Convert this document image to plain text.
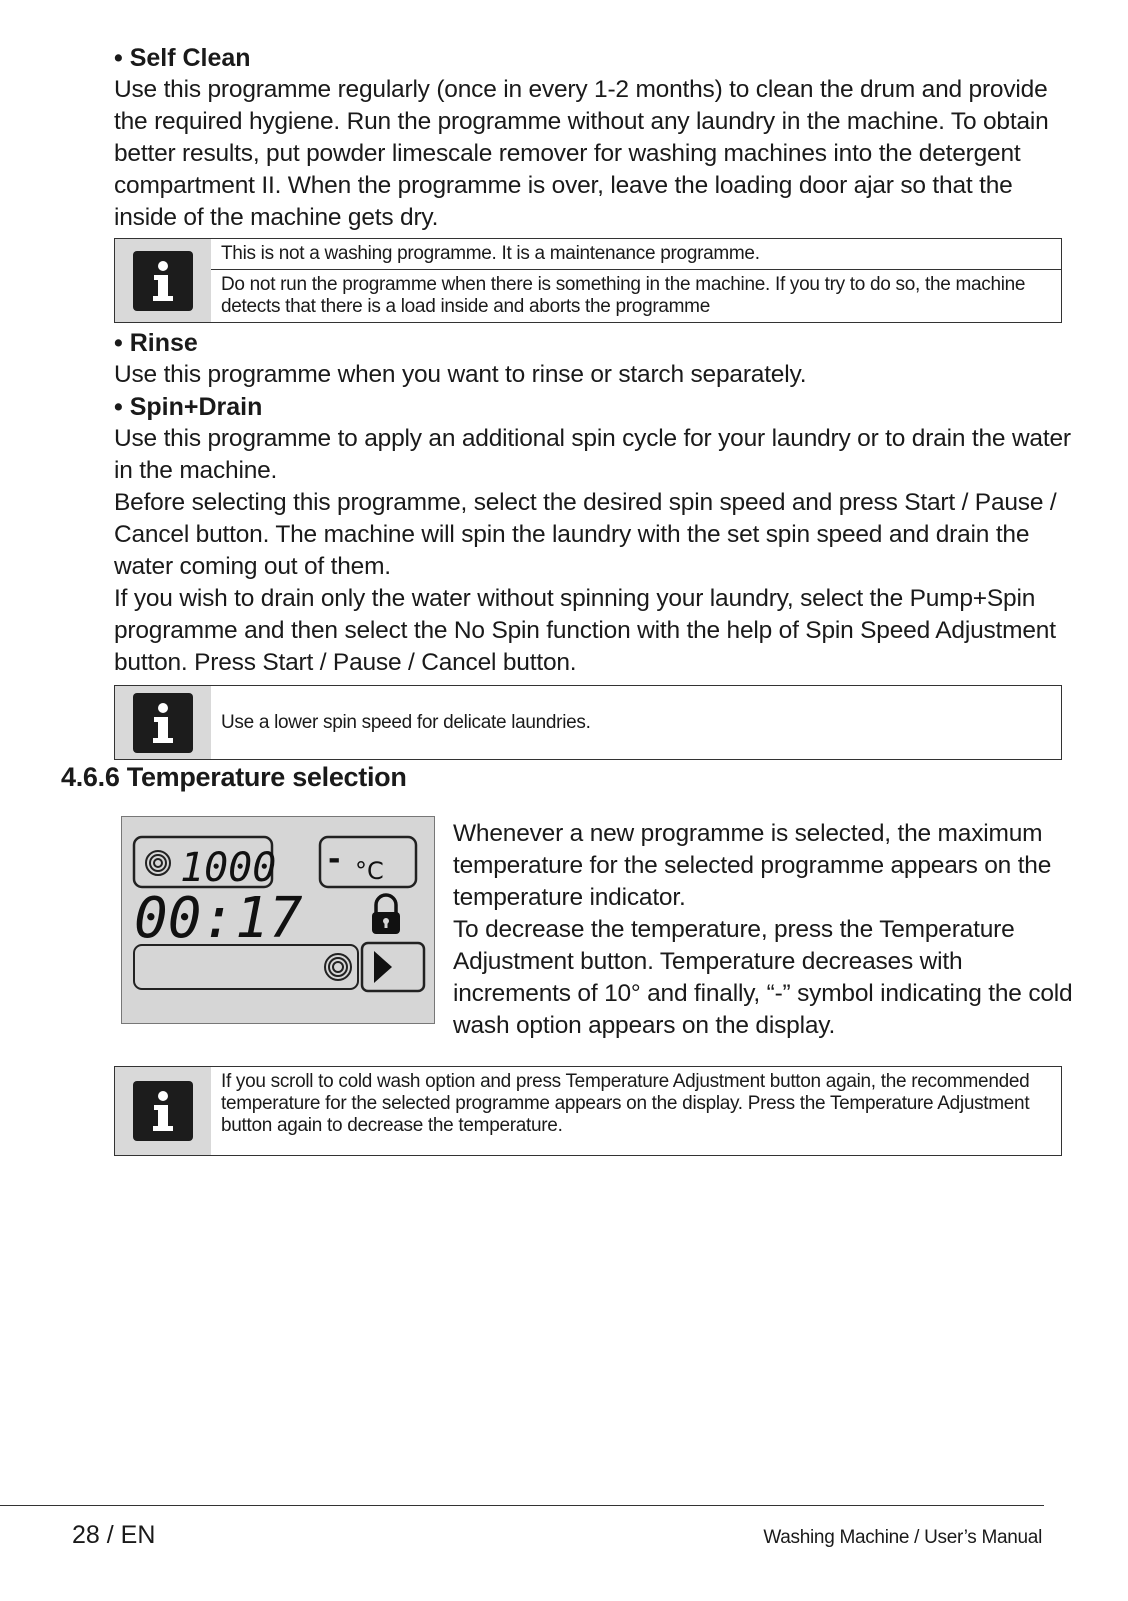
• Self Clean

Use this programme regularly (once in every 1-2 months) to clean the drum and provide the required hygiene. Run the programme without any laundry in the machine. To obtain better results, put powder limescale remover for washing machines into the detergent compartment II. When the programme is over, leave the loading door ajar so that the inside of the machine gets dry.

This is not a washing programme. It is a maintenance programme.
Do not run the programme when there is something in the machine. If you try to do so, the machine detects that there is a load inside and aborts the programme

• Rinse

Use this programme when you want to rinse or starch separately.

• Spin+Drain

Use this programme to apply an additional spin cycle for your laundry or to drain the water in the machine.

Before selecting this programme, select the desired spin speed and press Start / Pause / Cancel button. The machine will spin the laundry with the set spin speed and drain the water coming out of them.

If you wish to drain only the water without spinning your laundry, select the Pump+Spin programme and then select the No Spin function with the help of Spin Speed Adjustment button. Press Start / Pause / Cancel button.

Use a lower spin speed for delicate laundries.
4.6.6 Temperature selection
1000 - °C
00:17

Whenever a new programme is selected, the maximum temperature for the selected programme appears on the temperature indicator.

To decrease the temperature, press the Temperature Adjustment button. Temperature decreases with increments of 10° and finally, “-” symbol indicating the cold wash option appears on the display.

If you scroll to cold wash option and press Temperature Adjustment button again, the recommended temperature for the selected programme appears on the display. Press the Temperature Adjustment button again to decrease the temperature.
28 / EN	Washing Machine / User’s Manual
